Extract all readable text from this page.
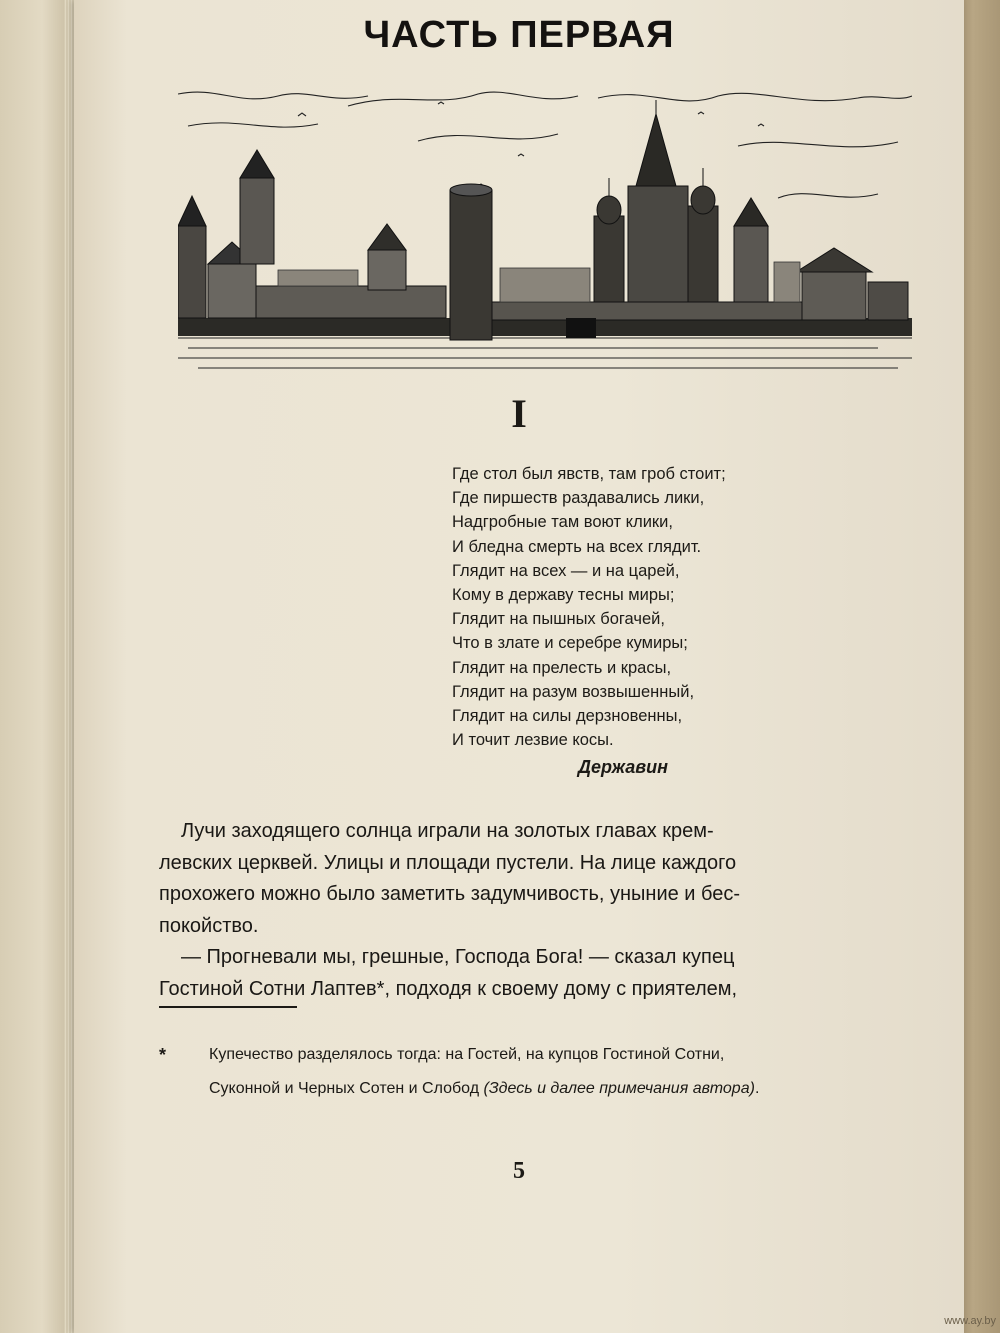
ЧАСТЬ ПЕРВАЯ
I
Где стол был явств, там гроб стоит;
Где пиршеств раздавались лики,
Надгробные там воют клики,
И бледна смерть на всех глядит.
Глядит на всех — и на царей,
Кому в державу тесны миры;
Глядит на пышных богачей,
Что в злате и серебре кумиры;
Глядит на прелесть и красы,
Глядит на разум возвышенный,
Глядит на силы дерзновенны,
И точит лезвие косы.
Державин
Лучи заходящего солнца играли на золотых главах крем-
левских церквей. Улицы и площади пустели. На лице каждого
прохожего можно было заметить задумчивость, уныние и бес-
покойство.
— Прогневали мы, грешные, Господа Бога! — сказал купец
Гостиной Сотни Лаптев*, подходя к своему дому с приятелем,
*	Купечество разделялось тогда: на Гостей, на купцов Гостиной Сотни,
Суконной и Черных Сотен и Слобод (Здесь и далее примечания автора).
5
www.ay.by
